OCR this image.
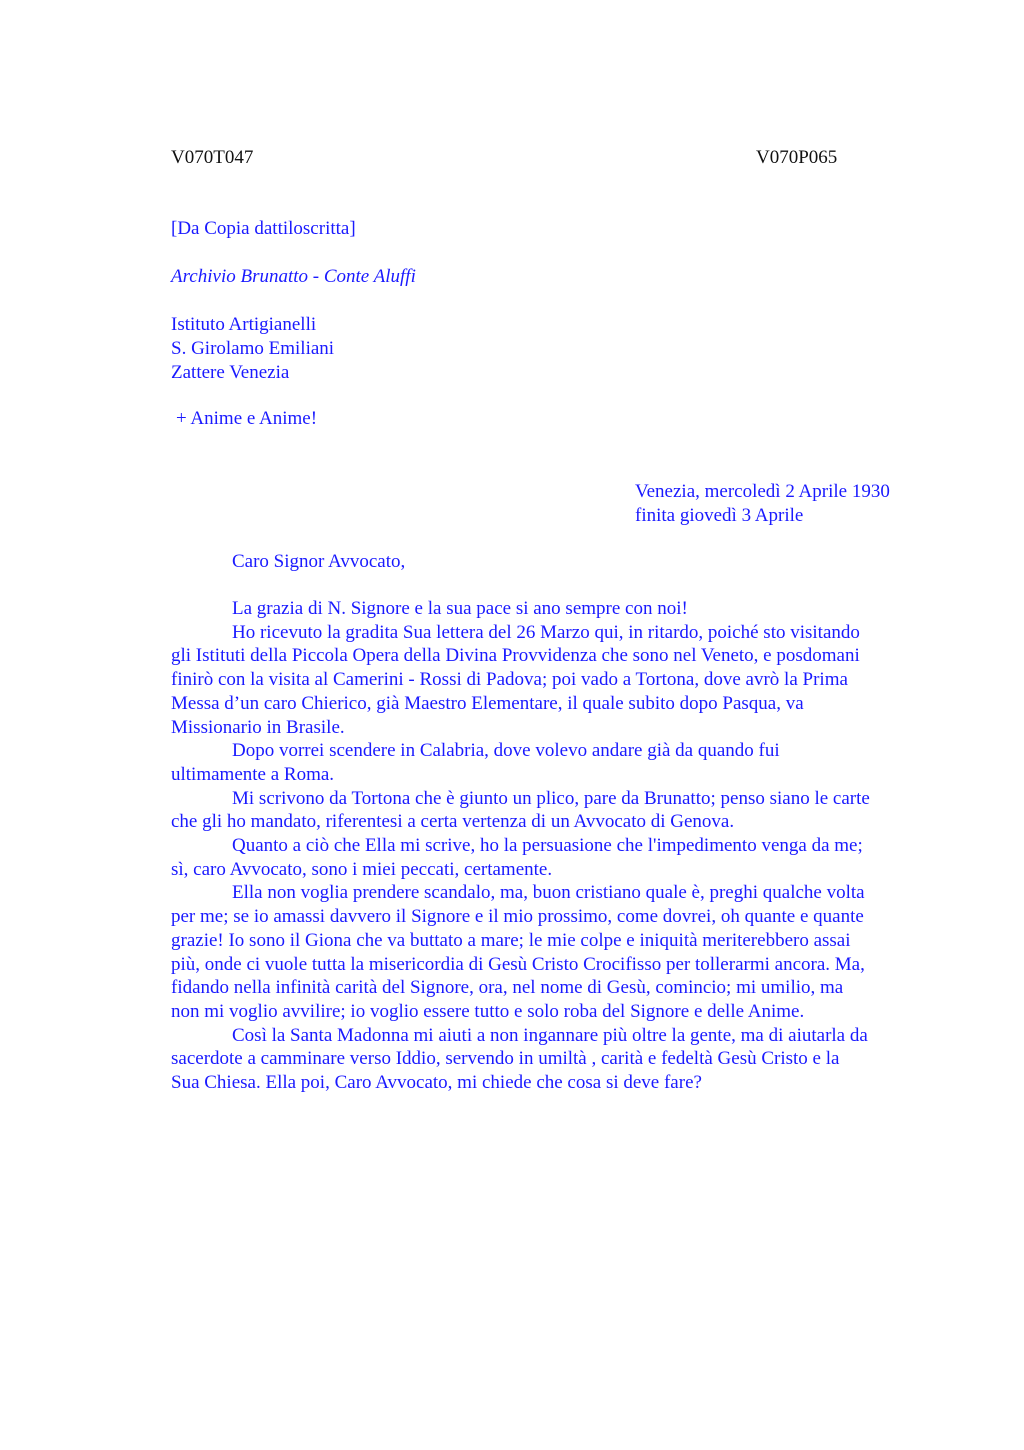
V070T047	V070P065
[Da Copia dattiloscritta]
Archivio Brunatto - Conte Aluffi
Istituto Artigianelli
S. Girolamo Emiliani
Zattere Venezia
+ Anime e Anime!
Venezia, mercoledì 2 Aprile 1930
finita giovedì 3 Aprile
Caro Signor Avvocato,
La grazia di N. Signore e la sua pace si ano sempre con noi!
Ho ricevuto la gradita Sua lettera del 26 Marzo qui, in ritardo, poiché sto visitando
gli Istituti della Piccola Opera della Divina Provvidenza che sono nel Veneto, e posdomani
finirò con la visita al Camerini - Rossi di Padova; poi vado a Tortona, dove avrò la Prima
Messa d’un caro Chierico, già Maestro Elementare, il quale subito dopo Pasqua, va
Missionario in Brasile.
Dopo vorrei scendere in Calabria, dove volevo andare già da quando fui
ultimamente a Roma.
Mi scrivono da Tortona che è giunto un plico, pare da Brunatto; penso siano le carte
che gli ho mandato, riferentesi a certa vertenza di un Avvocato di Genova.
Quanto a ciò che Ella mi scrive, ho la persuasione che l'impedimento venga da me;
sì, caro Avvocato, sono i miei peccati, certamente.
Ella non voglia prendere scandalo, ma, buon cristiano quale è, preghi qualche volta
per me; se io amassi davvero il Signore e il mio prossimo, come dovrei, oh quante e quante
grazie! Io sono il Giona che va buttato a mare; le mie colpe e iniquità meriterebbero assai
più, onde ci vuole tutta la misericordia di Gesù Cristo Crocifisso per tollerarmi ancora. Ma,
fidando nella infinità carità del Signore, ora, nel nome di Gesù, comincio; mi umilio, ma
non mi voglio avvilire; io voglio essere tutto e solo roba del Signore e delle Anime.
Così la Santa Madonna mi aiuti a non ingannare più oltre la gente, ma di aiutarla da
sacerdote a camminare verso Iddio, servendo in umiltà , carità e fedeltà Gesù Cristo e la
Sua Chiesa. Ella poi, Caro Avvocato, mi chiede che cosa si deve fare?
